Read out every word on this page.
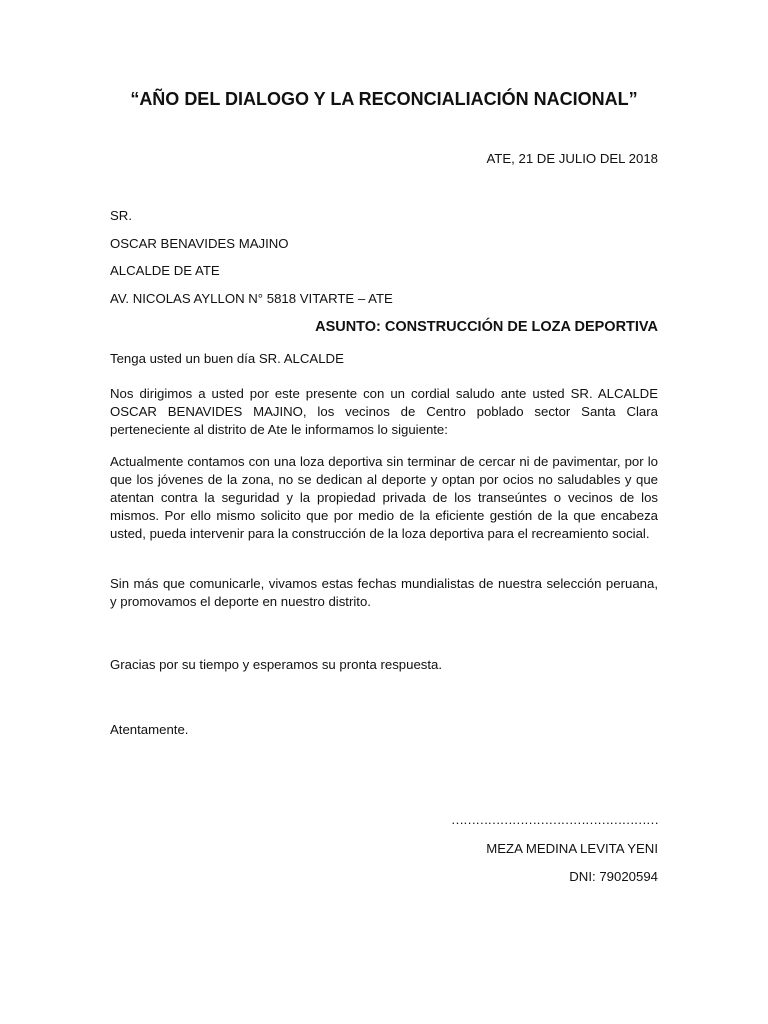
“AÑO DEL DIALOGO Y LA RECONCIALIACIÓN NACIONAL”
ATE, 21 DE JULIO DEL 2018
SR.
OSCAR BENAVIDES MAJINO
ALCALDE DE ATE
AV. NICOLAS AYLLON N° 5818 VITARTE – ATE
ASUNTO: CONSTRUCCIÓN DE LOZA DEPORTIVA
Tenga usted un buen día SR. ALCALDE
Nos dirigimos a usted por este presente con un cordial saludo ante usted SR. ALCALDE OSCAR BENAVIDES MAJINO, los vecinos de Centro poblado sector Santa Clara perteneciente al distrito de Ate le informamos lo siguiente:
Actualmente contamos con una loza deportiva sin terminar de cercar ni de pavimentar, por lo que los jóvenes de la zona, no se dedican al deporte y optan por ocios no saludables y que atentan contra la seguridad y la propiedad privada de los transeúntes o vecinos de los mismos. Por ello mismo solicito que por medio de la eficiente gestión de la que encabeza usted, pueda intervenir para la construcción de la loza deportiva para el recreamiento social.
Sin más que comunicarle, vivamos estas fechas mundialistas de nuestra selección peruana, y promovamos el deporte en nuestro distrito.
Gracias por su tiempo y esperamos su pronta respuesta.
Atentamente.
……………………………………………
MEZA MEDINA LEVITA YENI
DNI: 79020594
